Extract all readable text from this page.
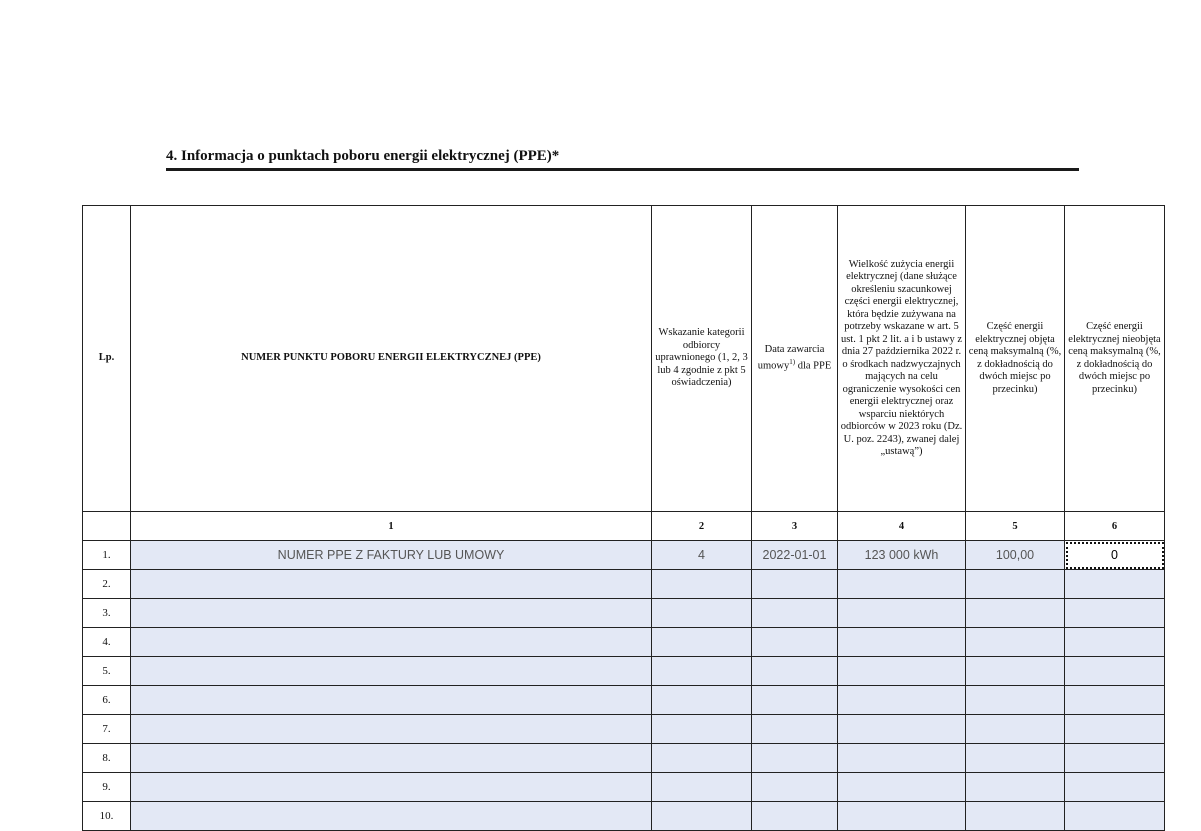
4. Informacja o punktach poboru energii elektrycznej (PPE)*
Lp.	NUMER PUNKTU POBORU ENERGII ELEKTRYCZNEJ (PPE)	Wskazanie kategorii odbiorcy uprawnionego (1, 2, 3 lub 4 zgodnie z pkt 5 oświadczenia)	Data zawarcia umowy$^{1)}$ dla PPE	Wielkość zużycia energii elektrycznej (dane służące określeniu szacunkowej części energii elektrycznej, która będzie zużywana na potrzeby wskazane w art. 5 ust. 1 pkt 2 lit. a i b ustawy z dnia 27 października 2022 r. o środkach nadzwyczajnych mających na celu ograniczenie wysokości cen energii elektrycznej oraz wsparciu niektórych odbiorców w 2023 roku (Dz. U. poz. 2243), zwanej dalej „ustawą”)	Część energii elektrycznej objęta ceną maksymalną (%, z dokładnością do dwóch miejsc po przecinku)	Część energii elektrycznej nieobjęta ceną maksymalną (%, z dokładnością do dwóch miejsc po przecinku)

	1	2	3	4	5	6
1.	NUMER PPE Z FAKTURY LUB UMOWY	4	2022-01-01	123 000 kWh	100,00	0
2.						
3.						
4.						
5.						
6.						
7.						
8.						
9.						
10.						
